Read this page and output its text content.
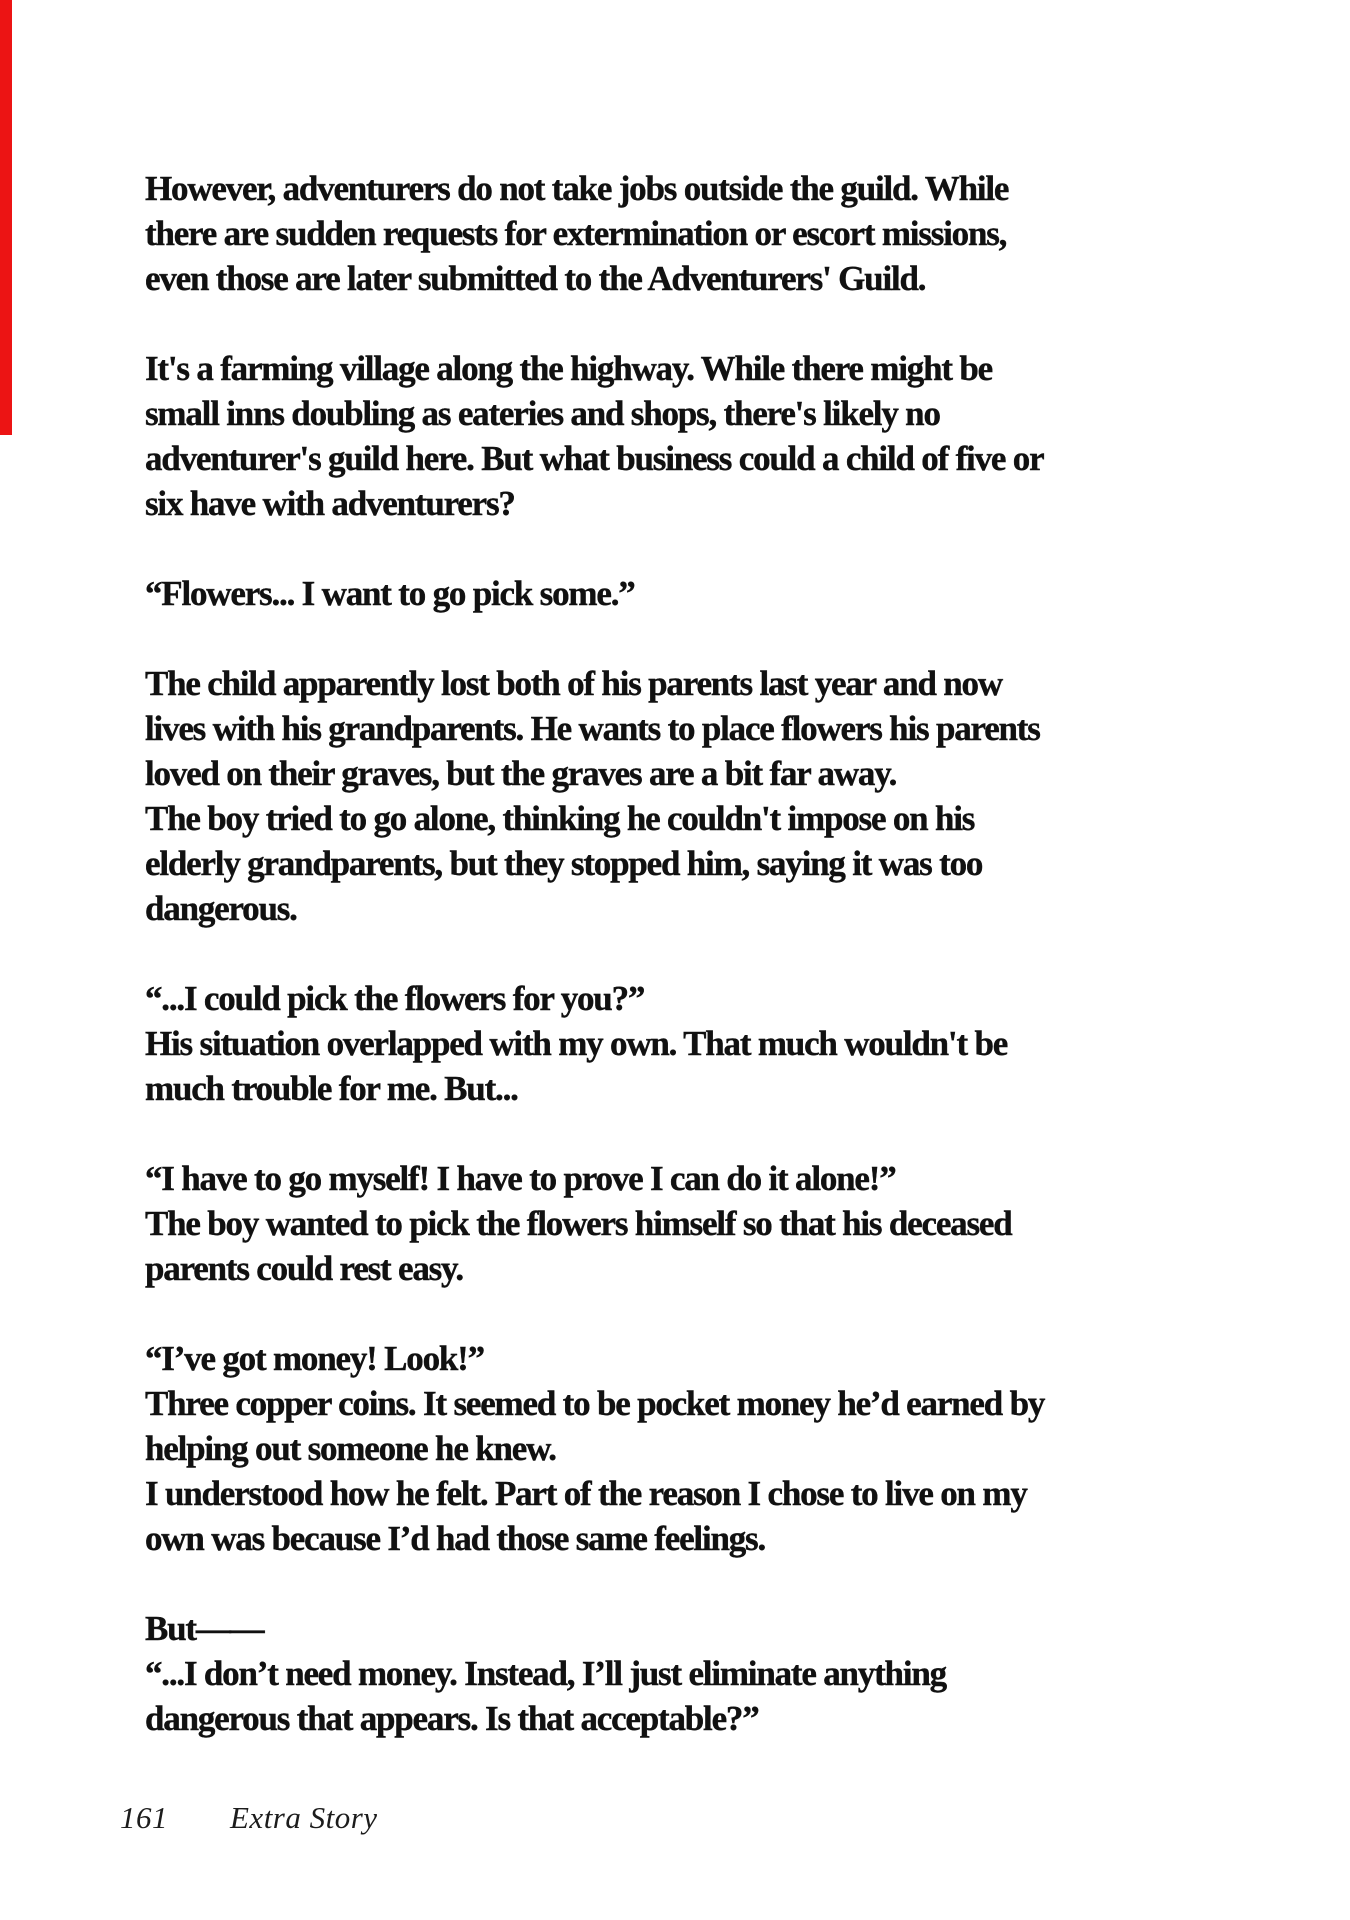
However, adventurers do not take jobs outside the guild. While
there are sudden requests for extermination or escort missions,
even those are later submitted to the Adventurers' Guild.
It's a farming village along the highway. While there might be
small inns doubling as eateries and shops, there's likely no
adventurer's guild here. But what business could a child of five or
six have with adventurers?
“Flowers... I want to go pick some.”
The child apparently lost both of his parents last year and now
lives with his grandparents. He wants to place flowers his parents
loved on their graves, but the graves are a bit far away.
The boy tried to go alone, thinking he couldn't impose on his
elderly grandparents, but they stopped him, saying it was too
dangerous.
“...I could pick the flowers for you?”
His situation overlapped with my own. That much wouldn't be
much trouble for me. But...
“I have to go myself! I have to prove I can do it alone!”
The boy wanted to pick the flowers himself so that his deceased
parents could rest easy.
“I’ve got money! Look!”
Three copper coins. It seemed to be pocket money he’d earned by
helping out someone he knew.
I understood how he felt. Part of the reason I chose to live on my
own was because I’d had those same feelings.
But——
“...I don’t need money. Instead, I’ll just eliminate anything
dangerous that appears. Is that acceptable?”
161 Extra Story
